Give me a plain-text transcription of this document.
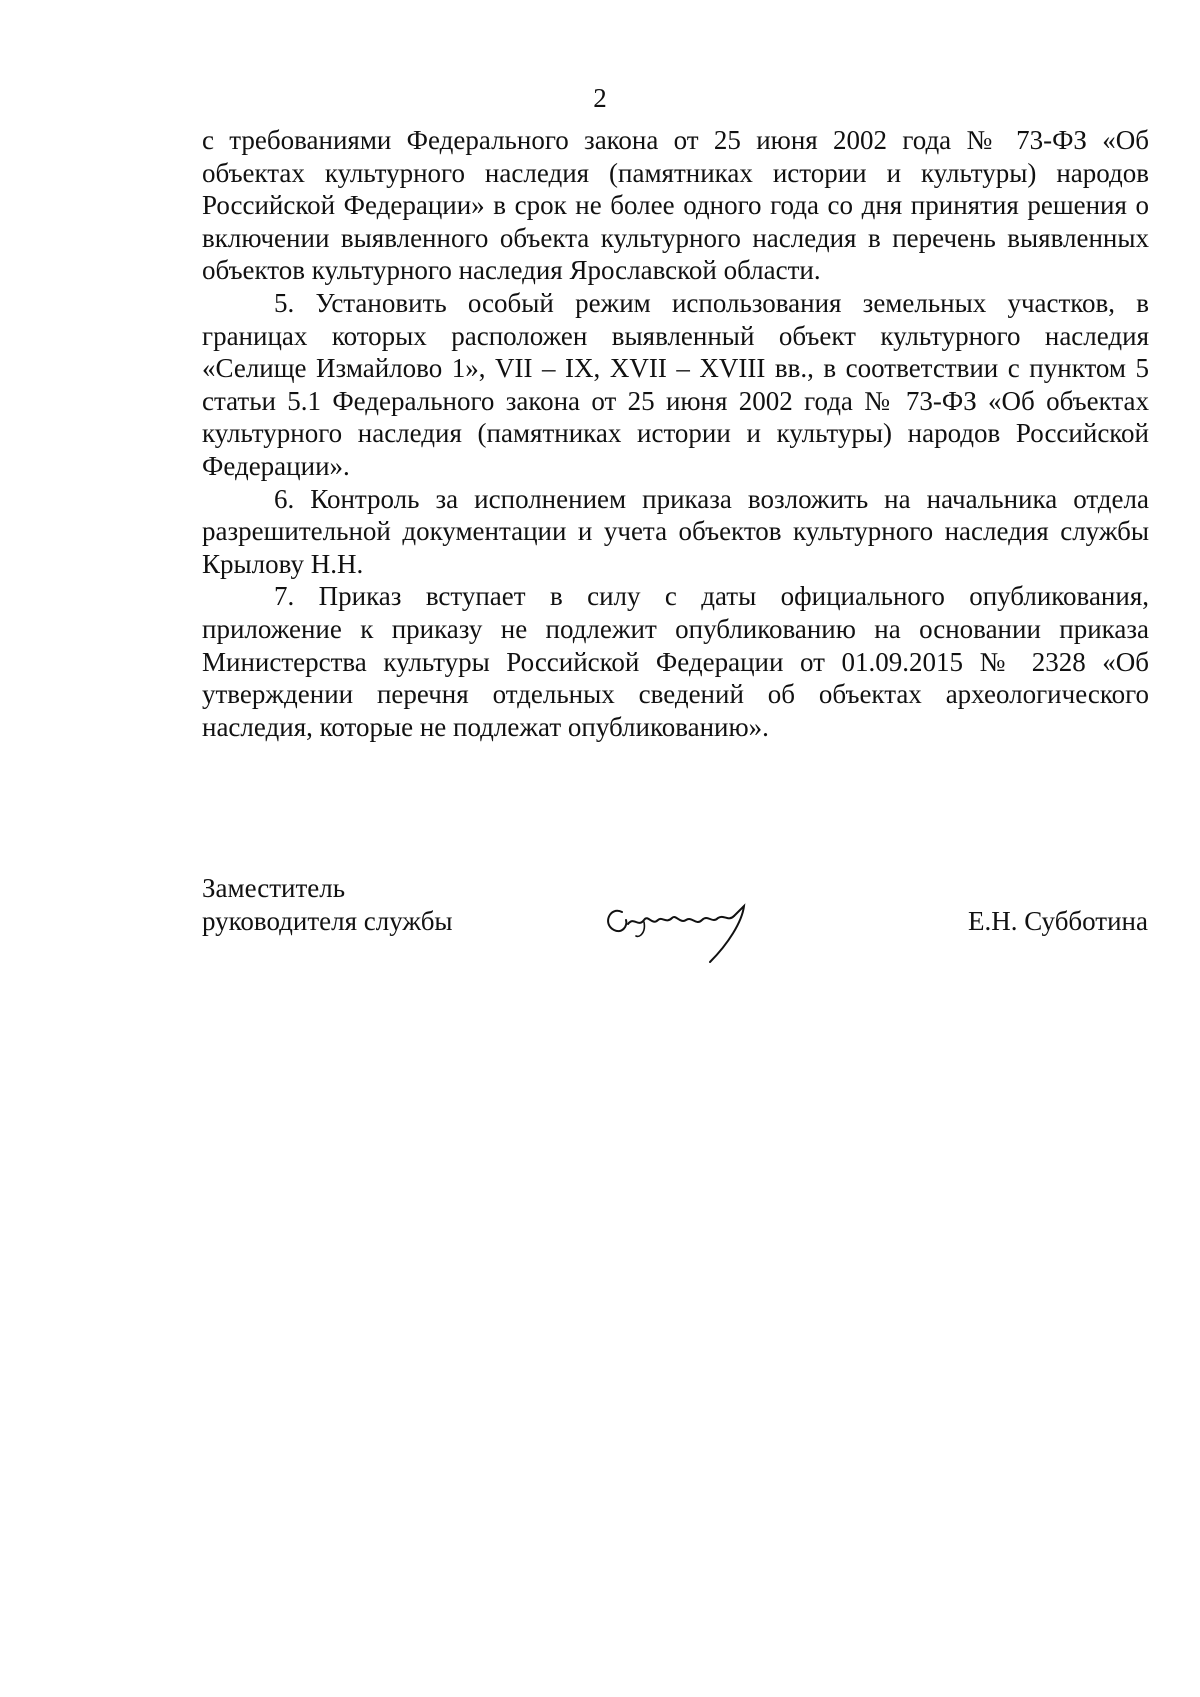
2

с требованиями Федерального закона от 25 июня 2002 года № 73-ФЗ «Об объектах культурного наследия (памятниках истории и культуры) народов Российской Федерации» в срок не более одного года со дня принятия решения о включении выявленного объекта культурного наследия в перечень выявленных объектов культурного наследия Ярославской области.

5. Установить особый режим использования земельных участков, в границах которых расположен выявленный объект культурного наследия «Селище Измайлово 1», VII – IX, XVII – XVIII вв., в соответствии с пунктом 5 статьи 5.1 Федерального закона от 25 июня 2002 года № 73-ФЗ «Об объектах культурного наследия (памятниках истории и культуры) народов Российской Федерации».

6. Контроль за исполнением приказа возложить на начальника отдела разрешительной документации и учета объектов культурного наследия службы Крылову Н.Н.

7. Приказ вступает в силу с даты официального опубликования, приложение к приказу не подлежит опубликованию на основании приказа Министерства культуры Российской Федерации от 01.09.2015 № 2328 «Об утверждении перечня отдельных сведений об объектах археологического наследия, которые не подлежат опубликованию».

Заместитель
руководителя службы	Е.Н. Субботина
